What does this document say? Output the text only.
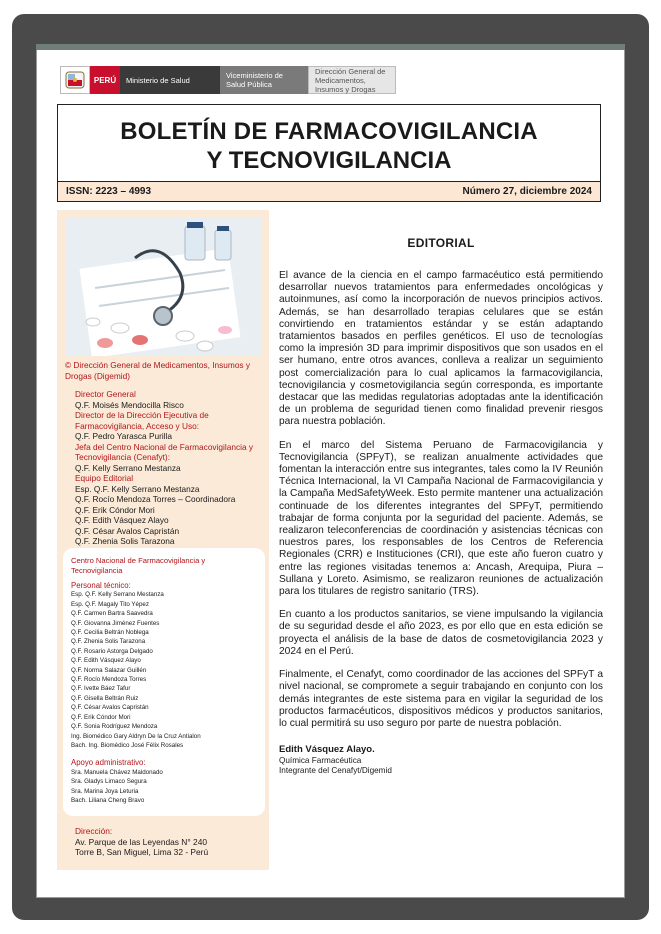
PERÚ	Ministerio de Salud	Viceministerio de Salud Pública
Dirección General de Medicamentos, Insumos y Drogas
BOLETÍN DE FARMACOVIGILANCIA
Y TECNOVIGILANCIA
ISSN: 2223 – 4993	Número 27, diciembre 2024
© Dirección General de Medicamentos, Insumos y Drogas (Digemid)
Director General
Q.F. Moisés Mendocilla Risco
Director de la Dirección Ejecutiva de Farmacovigilancia, Acceso y Uso:
Q.F. Pedro Yarasca Purilla
Jefa del Centro Nacional de Farmacovigilancia y Tecnovigilancia (Cenafyt):
Q.F. Kelly Serrano Mestanza
Equipo Editorial
Esp. Q.F. Kelly Serrano Mestanza
Q.F. Rocío Mendoza Torres – Coordinadora
Q.F. Erik Cóndor Mori
Q.F. Edith Vásquez Alayo
Q.F. César Avalos Capristán
Q.F. Zhenia Solis Tarazona
Centro Nacional de Farmacovigilancia y Tecnovigilancia
Personal técnico:
Esp. Q.F. Kelly Serrano Mestanza
Esp. Q.F. Magaly Tito Yépez
Q.F. Carmen Bartra Saavedra
Q.F. Giovanna Jiménez Fuentes
Q.F. Cecilia Beltrán Noblega
Q.F. Zhenia Solis Tarazona
Q.F. Rosario Astorga Delgado
Q.F. Edith Vásquez Alayo
Q.F. Norma Salazar Guillén
Q.F. Rocío Mendoza Torres
Q.F. Ivette Báez Tafur
Q.F. Gisella Beltrán Ruiz
Q.F. César Avalos Capristán
Q.F. Erik Cóndor Mori
Q.F. Sonia Rodríguez Mendoza
Ing. Biomédico Gary Aldryn De la Cruz Antialon
Bach. Ing. Biomédico José Félix Rosales
Apoyo administrativo:
Sra. Manuela Chávez Maldonado
Sra. Gladys Limaco Segura
Sra. Marina Joya Leturia
Bach. Liliana Cheng Bravo
Dirección:
Av. Parque de las Leyendas N° 240
Torre B, San Miguel, Lima 32 - Perú
EDITORIAL

El avance de la ciencia en el campo farmacéutico está permitiendo desarrollar nuevos tratamientos para enfermedades oncológicas y autoinmunes, así como la incorporación de nuevos principios activos. Además, se han desarrollado terapias celulares que se están convirtiendo en tratamientos estándar y se están adaptando tratamientos basados en perfiles genéticos. El uso de tecnologías como la impresión 3D para imprimir dispositivos que son usados en el ser humano, entre otros avances, conlleva a realizar un seguimiento post comercialización para lo cual aplicamos la farmacovigilancia, tecnovigilancia y cosmetovigilancia según corresponda, es importante destacar que las medidas regulatorias adoptadas ante la identificación de un problema de seguridad tienen como finalidad prevenir riesgos para nuestra población.

En el marco del Sistema Peruano de Farmacovigilancia y Tecnovigilancia (SPFyT), se realizan anualmente actividades que fomentan la interacción entre sus integrantes, tales como la IV Reunión Técnica Internacional, la VI Campaña Nacional de Farmacovigilancia y la Campaña MedSafetyWeek. Esto permite mantener una actualización continuade de los diferentes integrantes del SPFyT, permitiendo trabajar de forma conjunta por la seguridad del paciente. Además, se realizaron teleconferencias de coordinación y asistencias técnicas con nuestros pares, los responsables de los Centros de Referencia Regionales (CRR) e Instituciones (CRI), que este año fueron cuatro y entre las regiones visitadas tenemos a: Ancash, Arequipa, Piura – Sullana y Loreto. Asimismo, se realizaron reuniones de actualización para los titulares de registro sanitario (TRS).

En cuanto a los productos sanitarios, se viene impulsando la vigilancia de su seguridad desde el año 2023, es por ello que en esta edición se proyecta el análisis de la base de datos de cosmetovigilancia 2023 y 2024 en el Perú.

Finalmente, el Cenafyt, como coordinador de las acciones del SPFyT a nivel nacional, se compromete a seguir trabajando en conjunto con los demás integrantes de este sistema para en vigilar la seguridad de los productos farmacéuticos, dispositivos médicos y productos sanitarios, lo cual permitirá su uso seguro por parte de nuestra población.

Edith Vásquez Alayo.
Química Farmacéutica
Integrante del Cenafyt/Digemid
